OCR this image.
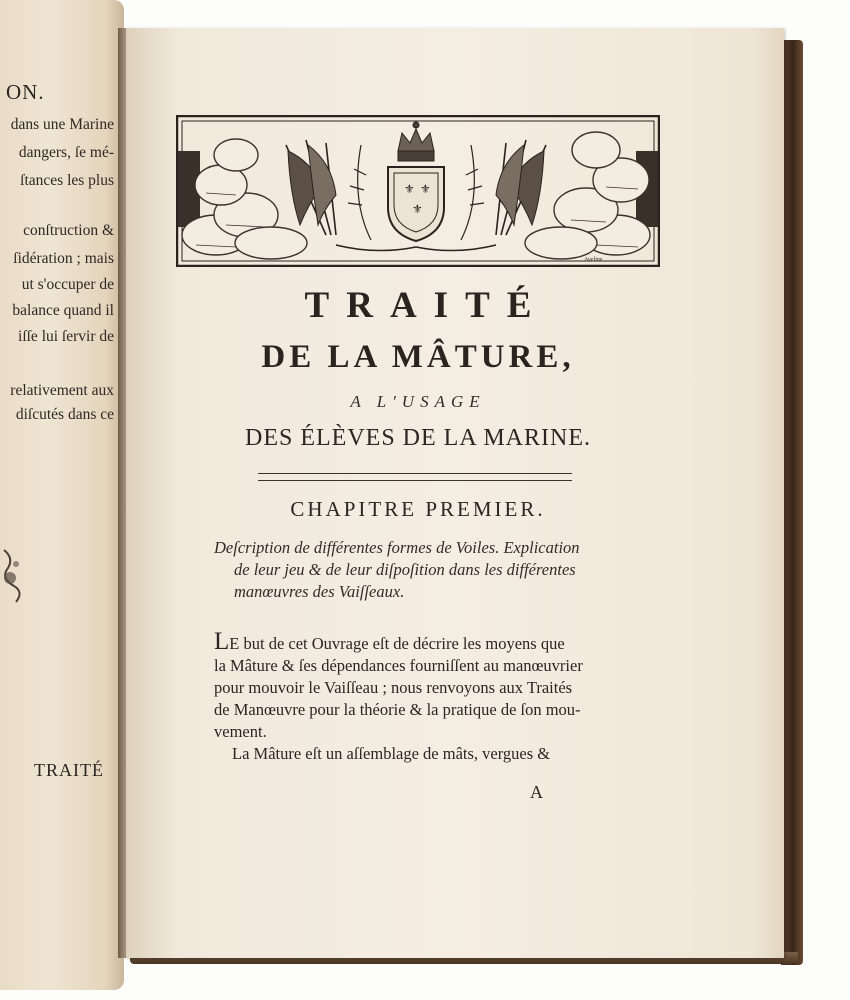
ON.
dans une Marine
dangers, ſe mé-
ſtances les plus
conſtruction &
ſidération ; mais
ut s'occuper de
balance quand il
iſſe lui ſervir de
relativement aux
diſcutés dans ce
TRAITÉ
⚜ ⚜
⚜
Aveline
TRAITÉ
DE LA MÂTURE,
A L'USAGE
DES ÉLÈVES DE LA MARINE.
CHAPITRE PREMIER.
Deſcription de différentes formes de Voiles. Explication
de leur jeu & de leur diſpoſition dans les différentes
manœuvres des Vaiſſeaux.
LE but de cet Ouvrage eſt de décrire les moyens que
la Mâture & ſes dépendances fourniſſent au manœuvrier
pour mouvoir le Vaiſſeau ; nous renvoyons aux Traités
de Manœuvre pour la théorie & la pratique de ſon mou-
vement.
La Mâture eſt un aſſemblage de mâts, vergues &
A
